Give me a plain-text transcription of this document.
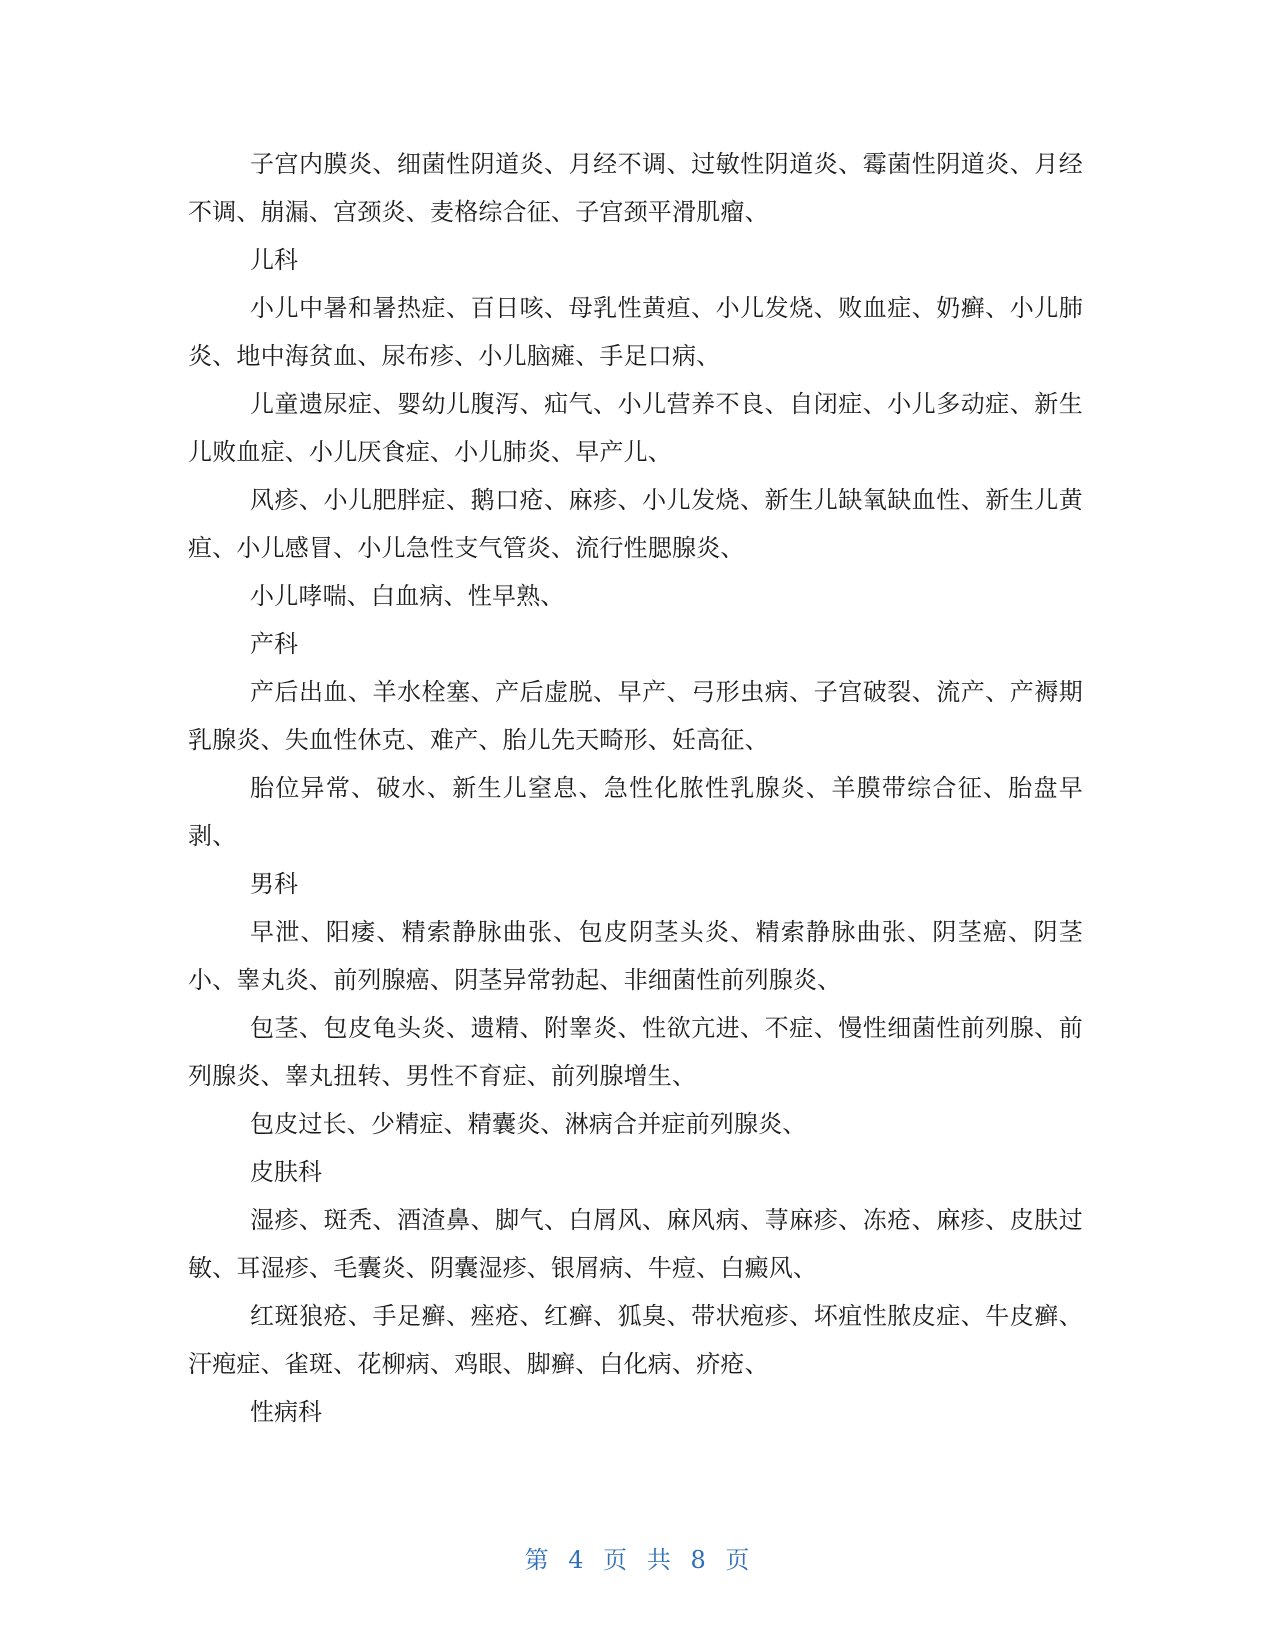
子宫内膜炎、细菌性阴道炎、月经不调、过敏性阴道炎、霉菌性阴道炎、月经不调、崩漏、宫颈炎、麦格综合征、子宫颈平滑肌瘤、

儿科

小儿中暑和暑热症、百日咳、母乳性黄疸、小儿发烧、败血症、奶癣、小儿肺炎、地中海贫血、尿布疹、小儿脑瘫、手足口病、

儿童遗尿症、婴幼儿腹泻、疝气、小儿营养不良、自闭症、小儿多动症、新生儿败血症、小儿厌食症、小儿肺炎、早产儿、

风疹、小儿肥胖症、鹅口疮、麻疹、小儿发烧、新生儿缺氧缺血性、新生儿黄疸、小儿感冒、小儿急性支气管炎、流行性腮腺炎、

小儿哮喘、白血病、性早熟、

产科

产后出血、羊水栓塞、产后虚脱、早产、弓形虫病、子宫破裂、流产、产褥期乳腺炎、失血性休克、难产、胎儿先天畸形、妊高征、

胎位异常、破水、新生儿窒息、急性化脓性乳腺炎、羊膜带综合征、胎盘早剥、

男科

早泄、阳痿、精索静脉曲张、包皮阴茎头炎、精索静脉曲张、阴茎癌、阴茎小、睾丸炎、前列腺癌、阴茎异常勃起、非细菌性前列腺炎、

包茎、包皮龟头炎、遗精、附睾炎、性欲亢进、不症、慢性细菌性前列腺、前列腺炎、睾丸扭转、男性不育症、前列腺增生、

包皮过长、少精症、精囊炎、淋病合并症前列腺炎、

皮肤科

湿疹、斑秃、酒渣鼻、脚气、白屑风、麻风病、荨麻疹、冻疮、麻疹、皮肤过敏、耳湿疹、毛囊炎、阴囊湿疹、银屑病、牛痘、白癜风、

红斑狼疮、手足癣、痤疮、红癣、狐臭、带状疱疹、坏疽性脓皮症、牛皮癣、汗疱症、雀斑、花柳病、鸡眼、脚癣、白化病、疥疮、

性病科

第 4 页 共 8 页
